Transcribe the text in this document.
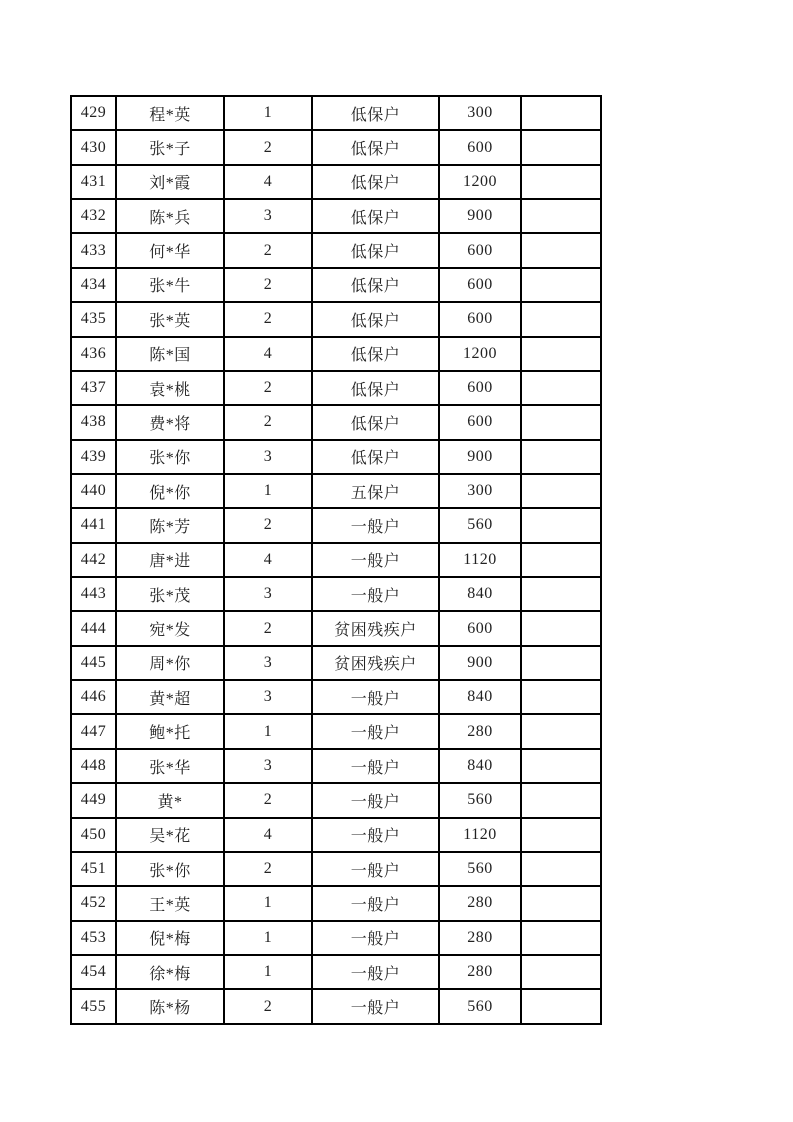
429	程*英	1	低保户	300	
430	张*子	2	低保户	600	
431	刘*霞	4	低保户	1200	
432	陈*兵	3	低保户	900	
433	何*华	2	低保户	600	
434	张*牛	2	低保户	600	
435	张*英	2	低保户	600	
436	陈*国	4	低保户	1200	
437	袁*桃	2	低保户	600	
438	费*将	2	低保户	600	
439	张*你	3	低保户	900	
440	倪*你	1	五保户	300	
441	陈*芳	2	一般户	560	
442	唐*进	4	一般户	1120	
443	张*茂	3	一般户	840	
444	宛*发	2	贫困残疾户	600	
445	周*你	3	贫困残疾户	900	
446	黄*超	3	一般户	840	
447	鲍*托	1	一般户	280	
448	张*华	3	一般户	840	
449	黄*	2	一般户	560	
450	吴*花	4	一般户	1120	
451	张*你	2	一般户	560	
452	王*英	1	一般户	280	
453	倪*梅	1	一般户	280	
454	徐*梅	1	一般户	280	
455	陈*杨	2	一般户	560	
